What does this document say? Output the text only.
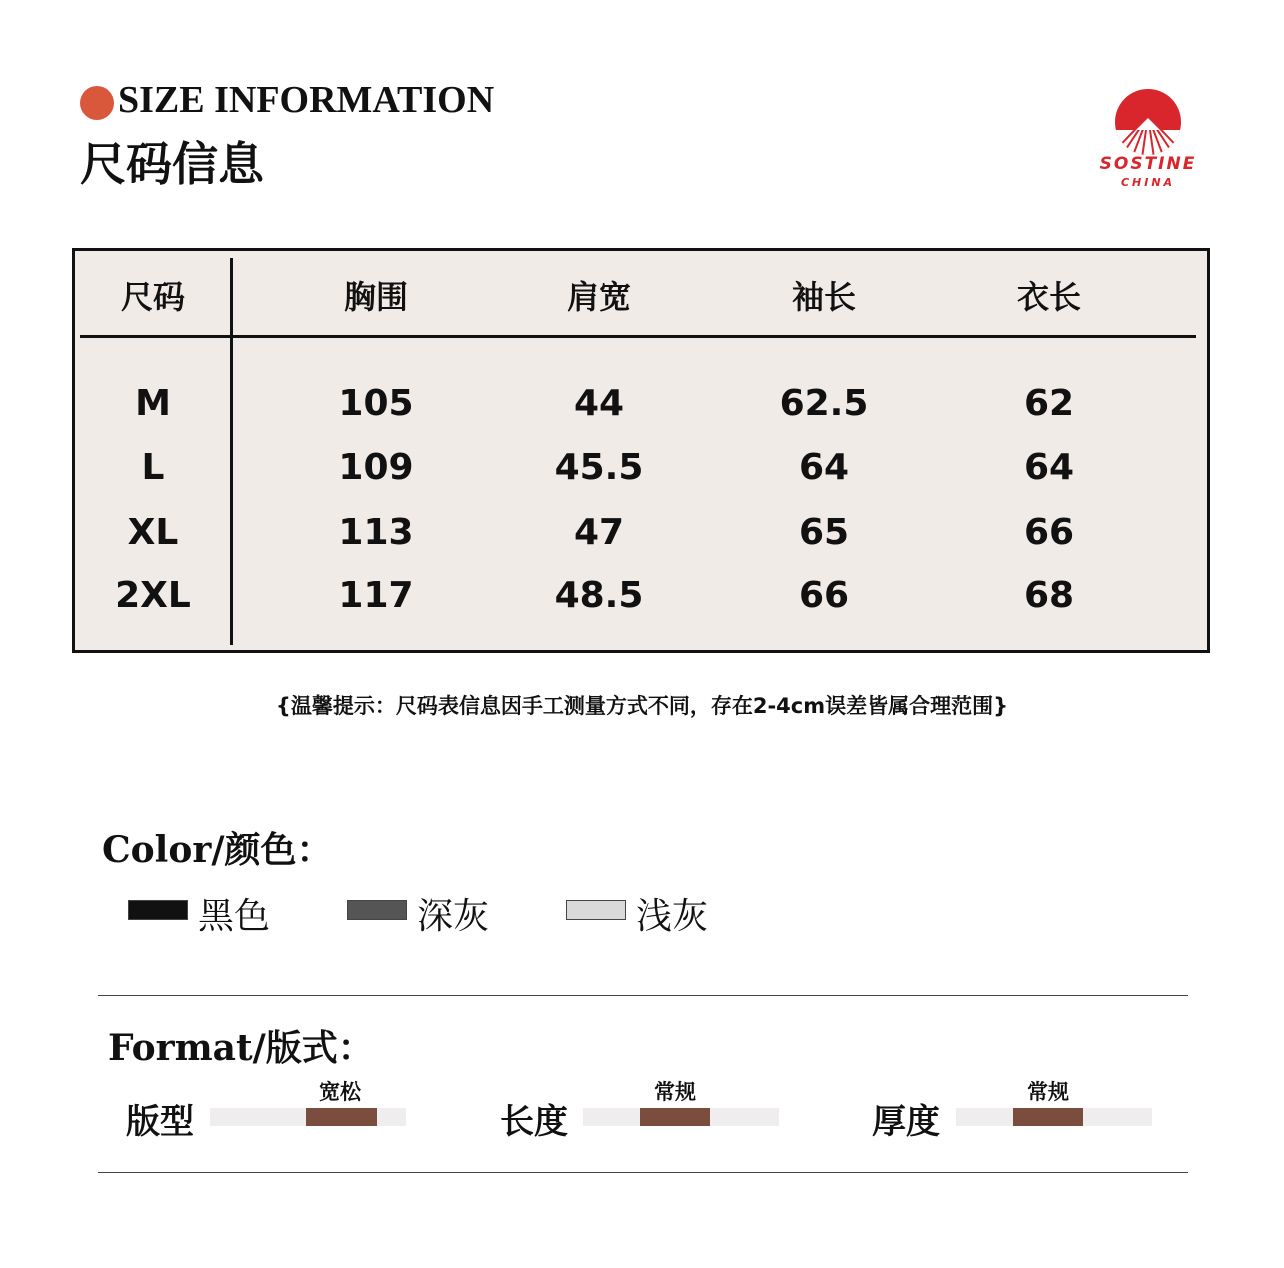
SIZE INFORMATION
尺码信息	SOSTINE
CHINA
尺码	胸围	肩宽	袖长	衣长
M	105	44	62.5	62
L	109	45.5	64	64
XL	113	47	65	66
2XL	117	48.5	66	68
{温馨提示：尺码表信息因手工测量方式不同，存在2-4cm误差皆属合理范围}
Color/颜色：
黑色	深灰	浅灰
Format/版式：
版型
宽松
长度
常规
厚度
常规
